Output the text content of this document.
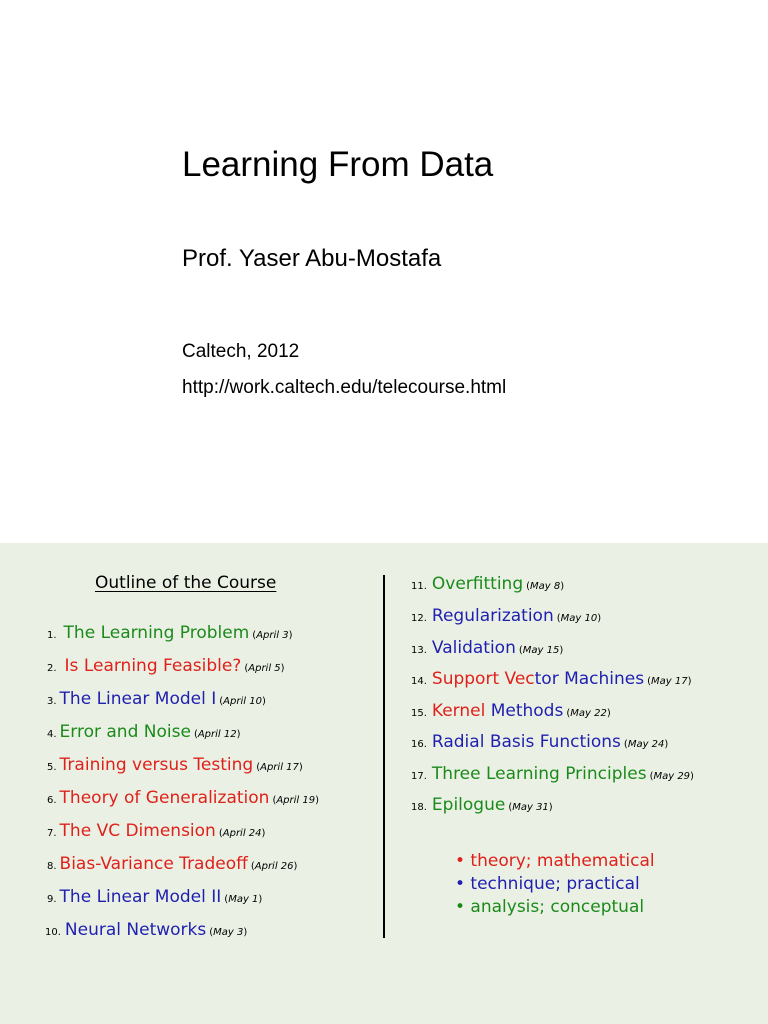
Learning From Data
Prof. Yaser Abu-Mostafa
Caltech, 2012
http://work.caltech.edu/telecourse.html
Outline of the Course
1. The Learning Problem (April 3)
2. Is Learning Feasible? (April 5)
3. The Linear Model I (April 10)
4. Error and Noise (April 12)
5. Training versus Testing (April 17)
6. Theory of Generalization (April 19)
7. The VC Dimension (April 24)
8. Bias-Variance Tradeoff (April 26)
9. The Linear Model II (May 1)
10. Neural Networks (May 3)
11. Overfitting (May 8)
12. Regularization (May 10)
13. Validation (May 15)
14. Support Vector Machines (May 17)
15. Kernel Methods (May 22)
16. Radial Basis Functions (May 24)
17. Three Learning Principles (May 29)
18. Epilogue (May 31)
• theory; mathematical
• technique; practical
• analysis; conceptual
